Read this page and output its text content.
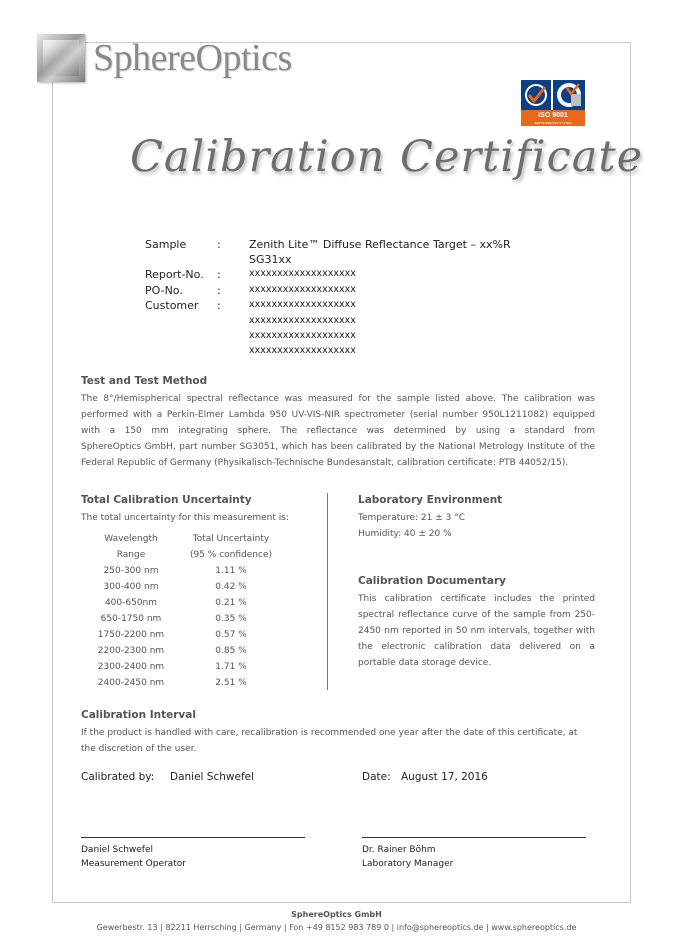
SphereOptics
ISO 9001
ZERTIFIZIERTES SYSTEM
Calibration Certificate
Sample	:	Zenith Lite™ Diffuse Reflectance Target – xx%R
SG31xx
Report-No. :	xxxxxxxxxxxxxxxxxxx
PO-No.	:	xxxxxxxxxxxxxxxxxxx
Customer :	xxxxxxxxxxxxxxxxxxx
xxxxxxxxxxxxxxxxxxx
xxxxxxxxxxxxxxxxxxx
xxxxxxxxxxxxxxxxxxx
Test and Test Method
The 8°/Hemispherical spectral reflectance was measured for the sample listed above. The calibration was
performed with a Perkin-Elmer Lambda 950 UV-VIS-NIR spectrometer (serial number 950L1211082) equipped
with a 150 mm integrating sphere. The reflectance was determined by using a standard from
SphereOptics GmbH, part number SG3051, which has been calibrated by the National Metrology Institute of the
Federal Republic of Germany (Physikalisch-Technische Bundesanstalt, calibration certificate: PTB 44052/15).
Total Calibration Uncertainty
The total uncertainty for this measurement is:
Wavelength
Range
Total Uncertainty
(95 % confidence)
250-300 nm	1.11 %
300-400 nm	0.42 %
400-650nm	0.21 %
650-1750 nm	0.35 %
1750-2200 nm	0.57 %
2200-2300 nm	0.85 %
2300-2400 nm	1.71 %
2400-2450 nm	2.51 %
Laboratory Environment
Temperature: 21 ± 3 °C
Humidity: 40 ± 20 %
Calibration Documentary
This calibration certificate includes the printed
spectral reflectance curve of the sample from 250-
2450 nm reported in 50 nm intervals, together with
the electronic calibration data delivered on a
portable data storage device.
Calibration Interval
If the product is handled with care, recalibration is recommended one year after the date of this certificate, at
the discretion of the user.
Calibrated by: Daniel Schwefel	Date: August 17, 2016
Daniel Schwefel
Measurement Operator
Dr. Rainer Böhm
Laboratory Manager
SphereOptics GmbH
Gewerbestr. 13 | 82211 Herrsching | Germany | Fon +49 8152 983 789 0 | info@sphereoptics.de | www.sphereoptics.de
